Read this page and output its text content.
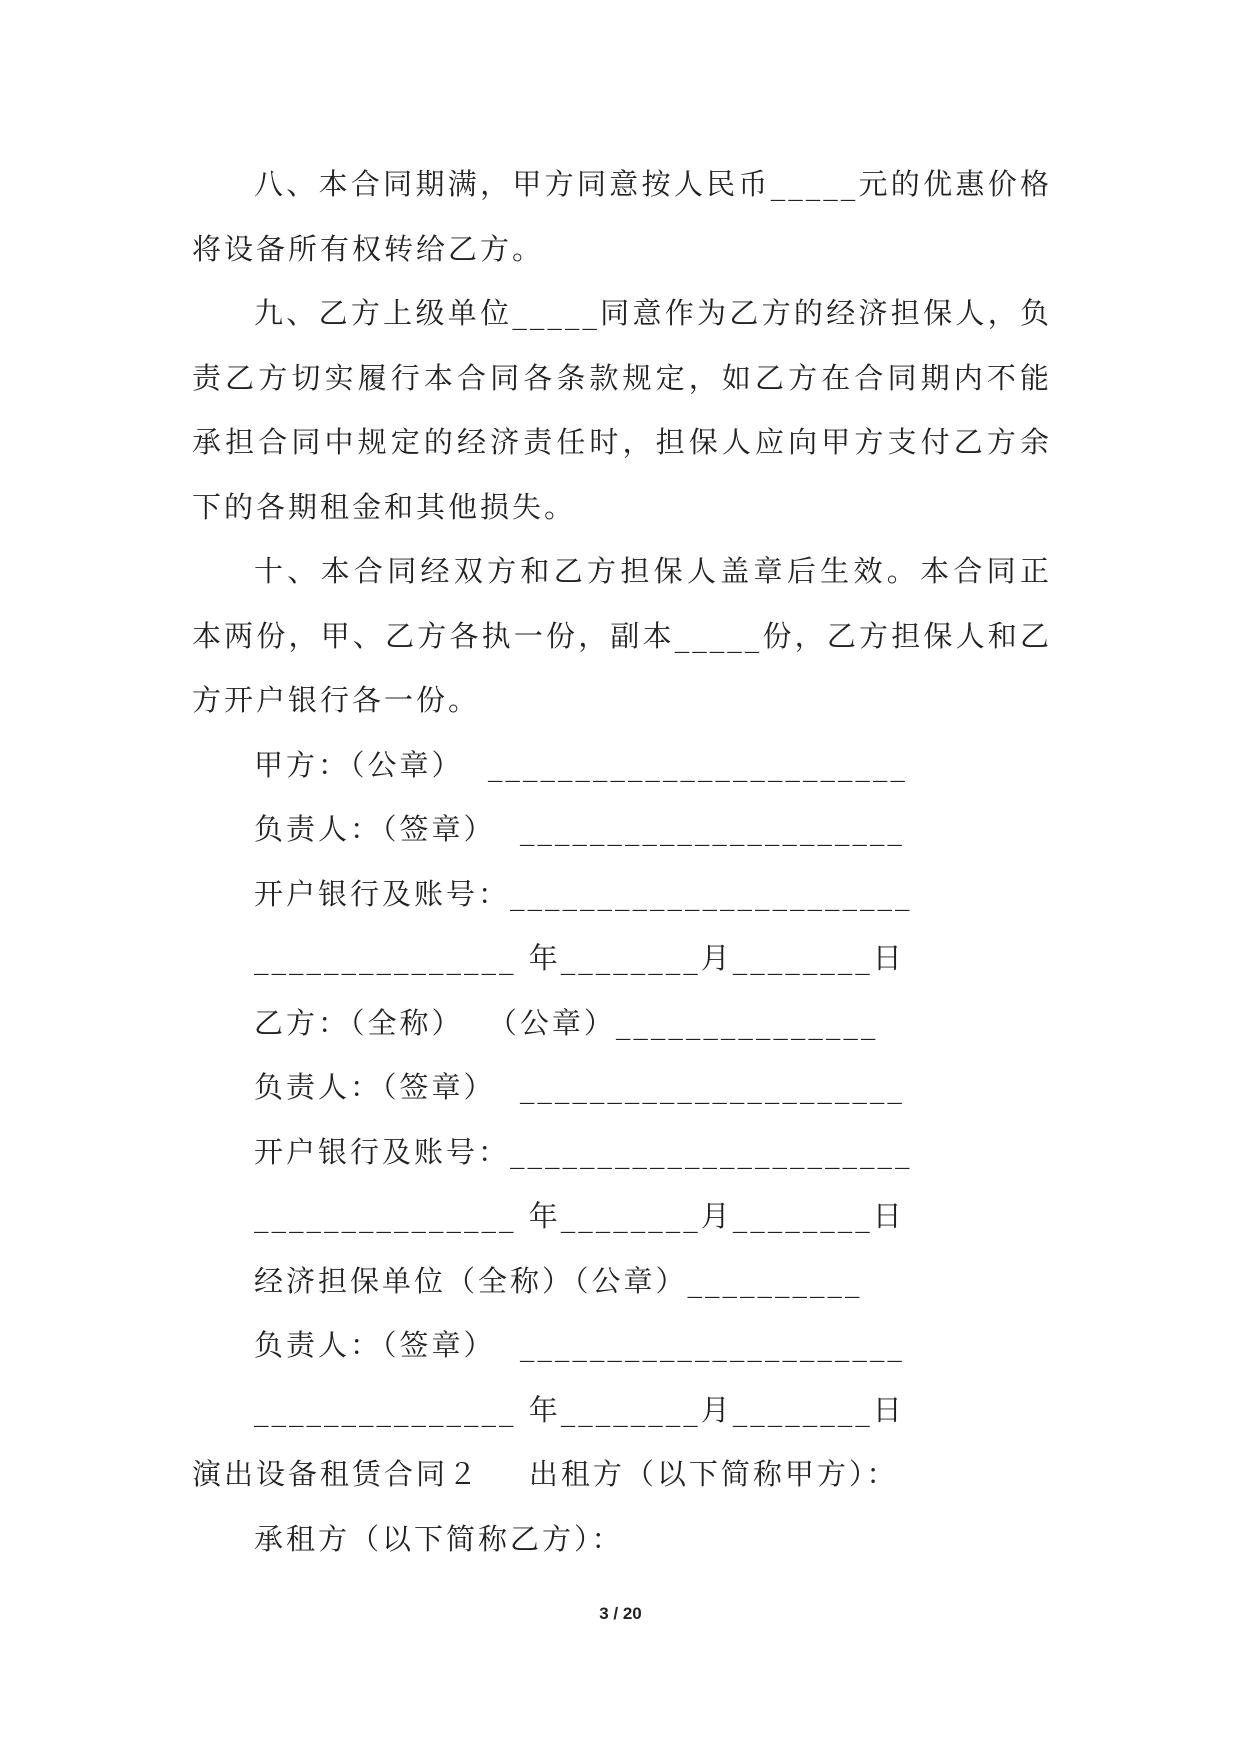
八、本合同期满，甲方同意按人民币_____元的优惠价格将设备所有权转给乙方。

九、乙方上级单位_____同意作为乙方的经济担保人，负责乙方切实履行本合同各条款规定，如乙方在合同期内不能承担合同中规定的经济责任时，担保人应向甲方支付乙方余下的各期租金和其他损失。

十、本合同经双方和乙方担保人盖章后生效。本合同正本两份，甲、乙方各执一份，副本_____份，乙方担保人和乙方开户银行各一份。

甲方：（公章）  ________________________

负责人：（签章）  ______________________

开户银行及账号：_______________________

_______________ 年________月________日

乙方：（全称）  （公章）_______________

负责人：（签章）  ______________________

开户银行及账号：_______________________

_______________ 年________月________日

经济担保单位（全称）（公章）__________

负责人：（签章）  ______________________

_______________ 年________月________日

演出设备租赁合同２    出租方（以下简称甲方）：

承租方（以下简称乙方）：

3 / 20
